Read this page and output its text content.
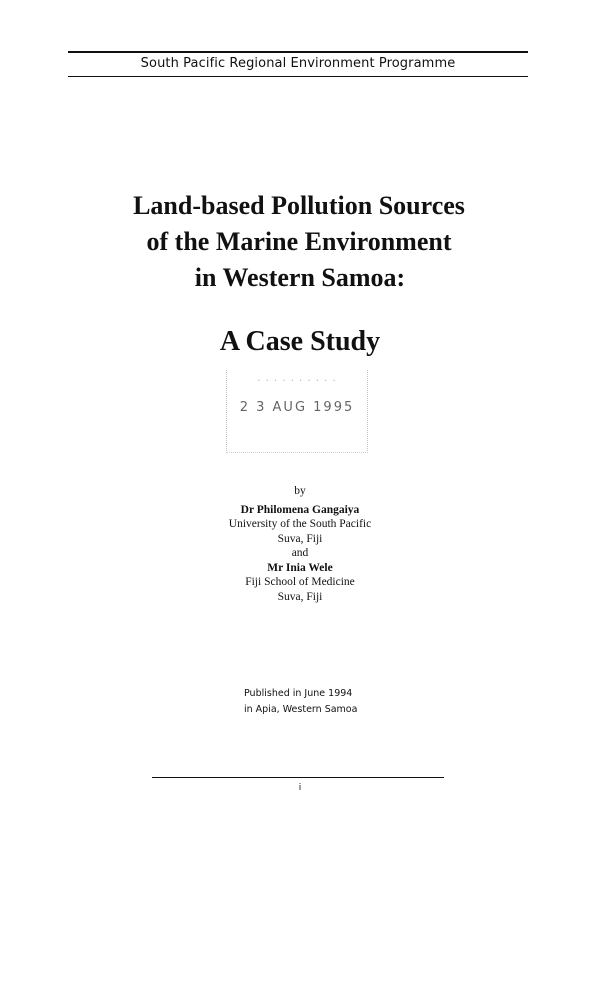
South Pacific Regional Environment Programme
Land-based Pollution Sources
of the Marine Environment
in Western Samoa:
A Case Study
· · · · · · · · · ·
2 3 AUG 1995
by
Dr Philomena Gangaiya
University of the South Pacific
Suva, Fiji
and
Mr Inia Wele
Fiji School of Medicine
Suva, Fiji
Published in June 1994
in Apia, Western Samoa
i
